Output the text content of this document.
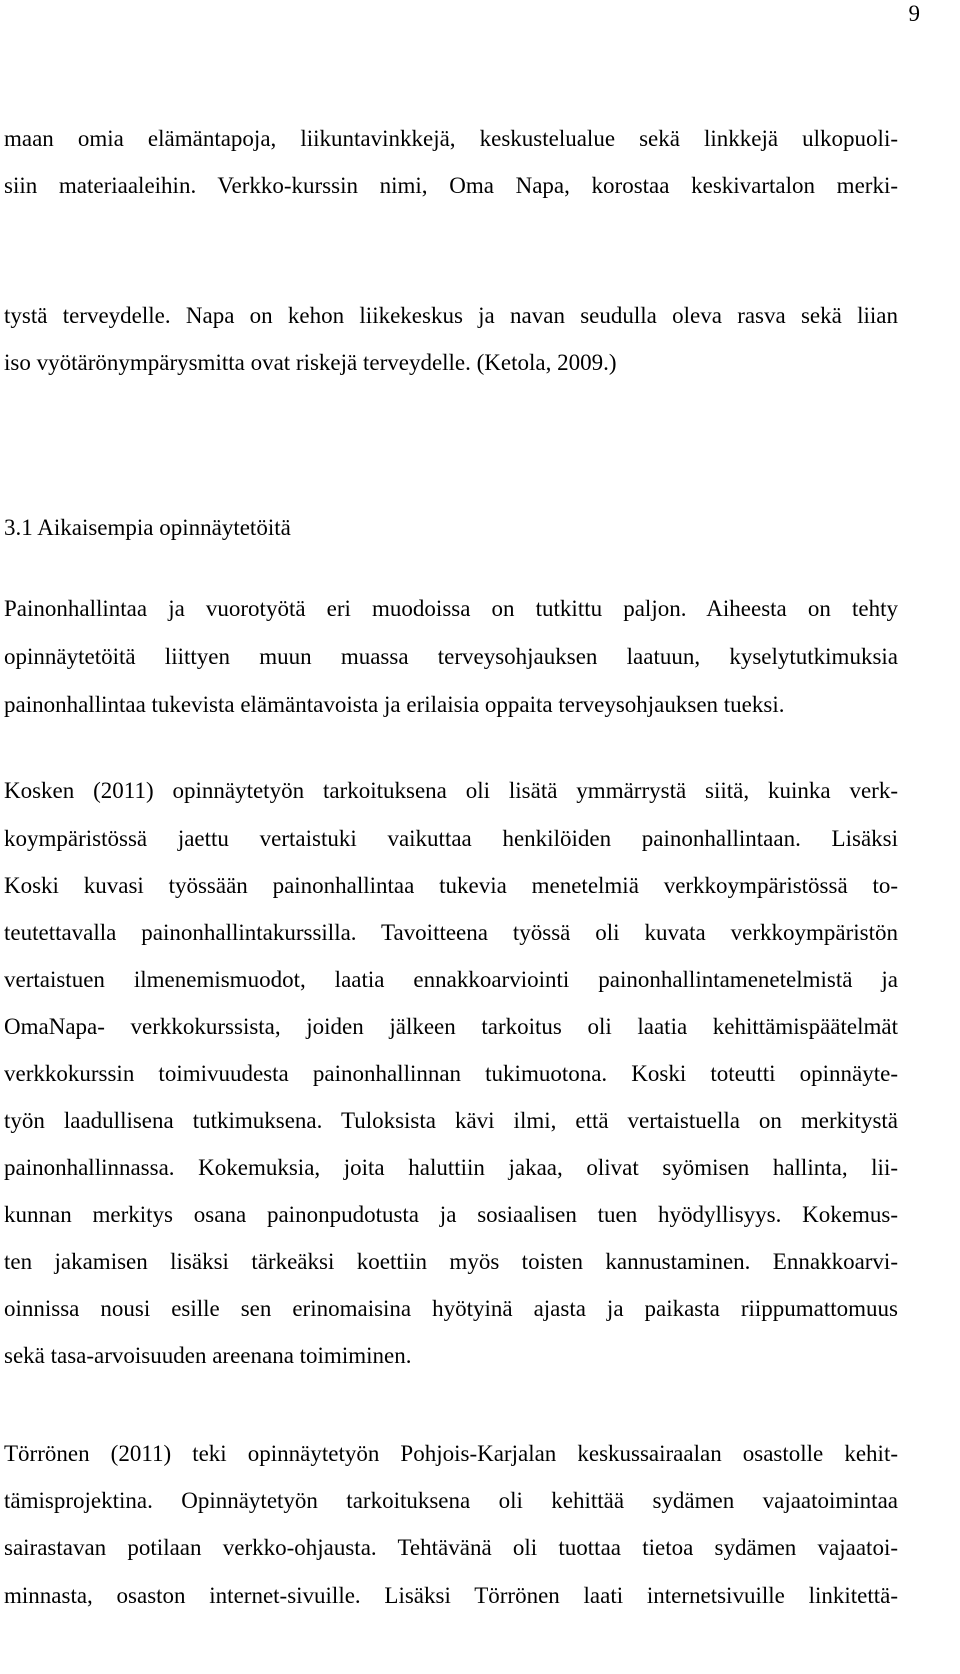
9
maan omia elämäntapoja, liikuntavinkkejä, keskustelualue sekä linkkejä ulkopuoli-
siin materiaaleihin. Verkko-kurssin nimi, Oma Napa, korostaa keskivartalon merki-
tystä terveydelle. Napa on kehon liikekeskus ja navan seudulla oleva rasva sekä liian
iso vyötärönympärysmitta ovat riskejä terveydelle. (Ketola, 2009.)
3.1 Aikaisempia opinnäytetöitä
Painonhallintaa ja vuorotyötä eri muodoissa on tutkittu paljon. Aiheesta on tehty
opinnäytetöitä liittyen muun muassa terveysohjauksen laatuun, kyselytutkimuksia
painonhallintaa tukevista elämäntavoista ja erilaisia oppaita terveysohjauksen tueksi.
Kosken (2011) opinnäytetyön tarkoituksena oli lisätä ymmärrystä siitä, kuinka verk-
koympäristössä jaettu vertaistuki vaikuttaa henkilöiden painonhallintaan. Lisäksi
Koski kuvasi työssään painonhallintaa tukevia menetelmiä verkkoympäristössä to-
teutettavalla painonhallintakurssilla. Tavoitteena työssä oli kuvata verkkoympäristön
vertaistuen ilmenemismuodot, laatia ennakkoarviointi painonhallintamenetelmistä ja
OmaNapa- verkkokurssista, joiden jälkeen tarkoitus oli laatia kehittämispäätelmät
verkkokurssin toimivuudesta painonhallinnan tukimuotona. Koski toteutti opinnäyte-
työn laadullisena tutkimuksena. Tuloksista kävi ilmi, että vertaistuella on merkitystä
painonhallinnassa. Kokemuksia, joita haluttiin jakaa, olivat syömisen hallinta, lii-
kunnan merkitys osana painonpudotusta ja sosiaalisen tuen hyödyllisyys. Kokemus-
ten jakamisen lisäksi tärkeäksi koettiin myös toisten kannustaminen. Ennakkoarvi-
oinnissa nousi esille sen erinomaisina hyötyinä ajasta ja paikasta riippumattomuus
sekä tasa-arvoisuuden areenana toimiminen.
Törrönen (2011) teki opinnäytetyön Pohjois-Karjalan keskussairaalan osastolle kehit-
tämisprojektina. Opinnäytetyön tarkoituksena oli kehittää sydämen vajaatoimintaa
sairastavan potilaan verkko-ohjausta. Tehtävänä oli tuottaa tietoa sydämen vajaatoi-
minnasta, osaston internet-sivuille. Lisäksi Törrönen laati internetsivuille linkitettä-
